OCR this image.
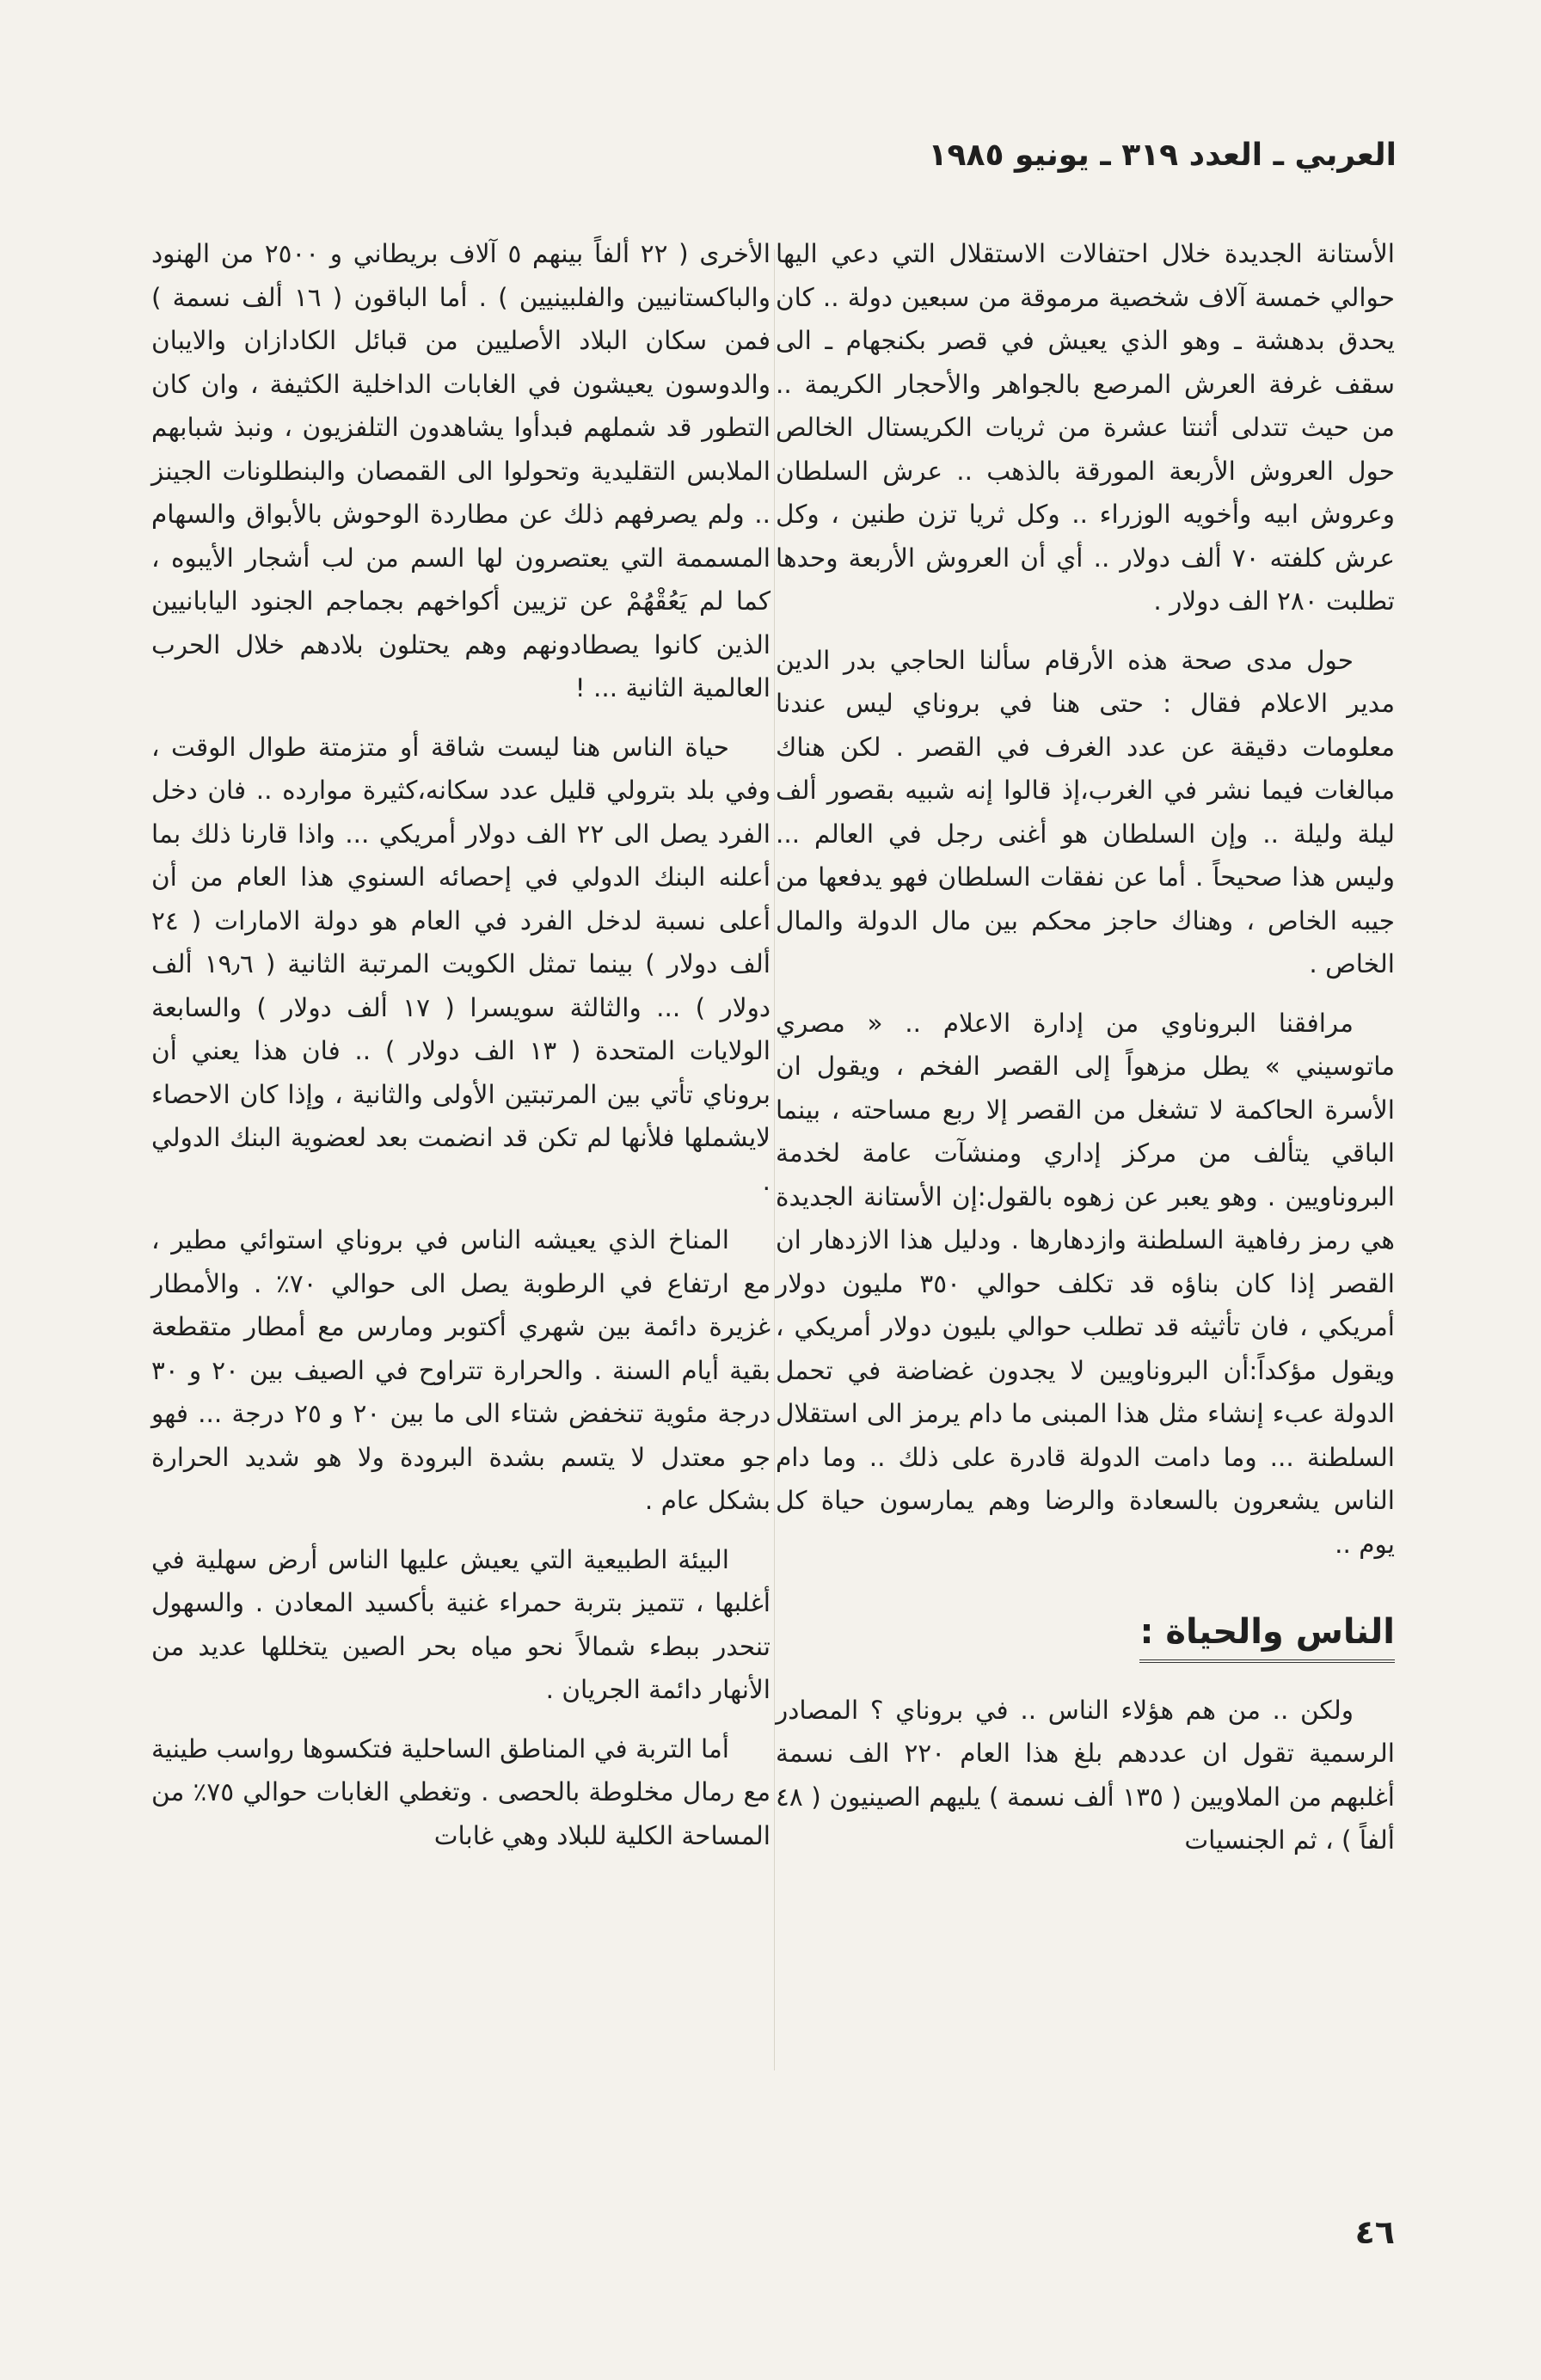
العربي ـ العدد ٣١٩ ـ يونيو ١٩٨٥

الأستانة الجديدة خلال احتفالات الاستقلال التي دعي اليها حوالي خمسة آلاف شخصية مرموقة من سبعين دولة .. كان يحدق بدهشة ـ وهو الذي يعيش في قصر بكنجهام ـ الى سقف غرفة العرش المرصع بالجواهر والأحجار الكريمة .. من حيث تتدلى أثنتا عشرة من ثريات الكريستال الخالص حول العروش الأربعة المورقة بالذهب .. عرش السلطان وعروش ابيه وأخويه الوزراء .. وكل ثريا تزن طنين ، وكل عرش كلفته ٧٠ ألف دولار .. أي أن العروش الأربعة وحدها تطلبت ٢٨٠ الف دولار .

حول مدى صحة هذه الأرقام سألنا الحاجي بدر الدين مدير الاعلام فقال : حتى هنا في بروناي ليس عندنا معلومات دقيقة عن عدد الغرف في القصر . لكن هناك مبالغات فيما نشر في الغرب،إذ قالوا إنه شبيه بقصور ألف ليلة وليلة .. وإن السلطان هو أغنى رجل في العالم ... وليس هذا صحيحاً . أما عن نفقات السلطان فهو يدفعها من جيبه الخاص ، وهناك حاجز محكم بين مال الدولة والمال الخاص .

مرافقنا البروناوي من إدارة الاعلام .. « مصري ماتوسيني » يطل مزهواً إلى القصر الفخم ، ويقول ان الأسرة الحاكمة لا تشغل من القصر إلا ربع مساحته ، بينما الباقي يتألف من مركز إداري ومنشآت عامة لخدمة البروناويين . وهو يعبر عن زهوه بالقول:إن الأستانة الجديدة هي رمز رفاهية السلطنة وازدهارها . ودليل هذا الازدهار ان القصر إذا كان بناؤه قد تكلف حوالي ٣٥٠ مليون دولار أمريكي ، فان تأثيثه قد تطلب حوالي بليون دولار أمريكي ، ويقول مؤكداً:أن البروناويين لا يجدون غضاضة في تحمل الدولة عبء إنشاء مثل هذا المبنى ما دام يرمز الى استقلال السلطنة ... وما دامت الدولة قادرة على ذلك .. وما دام الناس يشعرون بالسعادة والرضا وهم يمارسون حياة كل يوم ..

الناس والحياة :

ولكن .. من هم هؤلاء الناس .. في بروناي ؟ المصادر الرسمية تقول ان عددهم بلغ هذا العام ٢٢٠ الف نسمة أغلبهم من الملاويين ( ١٣٥ ألف نسمة ) يليهم الصينيون ( ٤٨ ألفاً ) ، ثم الجنسيات

الأخرى ( ٢٢ ألفاً بينهم ٥ آلاف بريطاني و ٢٥٠٠ من الهنود والباكستانيين والفلبينيين ) . أما الباقون ( ١٦ ألف نسمة ) فمن سكان البلاد الأصليين من قبائل الكادازان والايبان والدوسون يعيشون في الغابات الداخلية الكثيفة ، وان كان التطور قد شملهم فبدأوا يشاهدون التلفزيون ، ونبذ شبابهم الملابس التقليدية وتحولوا الى القمصان والبنطلونات الجينز .. ولم يصرفهم ذلك عن مطاردة الوحوش بالأبواق والسهام المسممة التي يعتصرون لها السم من لب أشجار الأيبوه ، كما لم يَعُقْهُمْ عن تزيين أكواخهم بجماجم الجنود اليابانيين الذين كانوا يصطادونهم وهم يحتلون بلادهم خلال الحرب العالمية الثانية ... !

حياة الناس هنا ليست شاقة أو متزمتة طوال الوقت ، وفي بلد بترولي قليل عدد سكانه،كثيرة موارده .. فان دخل الفرد يصل الى ٢٢ الف دولار أمريكي ... واذا قارنا ذلك بما أعلنه البنك الدولي في إحصائه السنوي هذا العام من أن أعلى نسبة لدخل الفرد في العام هو دولة الامارات ( ٢٤ ألف دولار ) بينما تمثل الكويت المرتبة الثانية ( ١٩٫٦ ألف دولار ) ... والثالثة سويسرا ( ١٧ ألف دولار ) والسابعة الولايات المتحدة ( ١٣ الف دولار ) .. فان هذا يعني أن بروناي تأتي بين المرتبتين الأولى والثانية ، وإذا كان الاحصاء لايشملها فلأنها لم تكن قد انضمت بعد لعضوية البنك الدولي .

المناخ الذي يعيشه الناس في بروناي استوائي مطير ، مع ارتفاع في الرطوبة يصل الى حوالي ٧٠٪ . والأمطار غزيرة دائمة بين شهري أكتوبر ومارس مع أمطار متقطعة بقية أيام السنة . والحرارة تتراوح في الصيف بين ٢٠ و ٣٠ درجة مئوية تنخفض شتاء الى ما بين ٢٠ و ٢٥ درجة ... فهو جو معتدل لا يتسم بشدة البرودة ولا هو شديد الحرارة بشكل عام .

البيئة الطبيعية التي يعيش عليها الناس أرض سهلية في أغلبها ، تتميز بتربة حمراء غنية بأكسيد المعادن . والسهول تنحدر ببطء شمالاً نحو مياه بحر الصين يتخللها عديد من الأنهار دائمة الجريان .

أما التربة في المناطق الساحلية فتكسوها رواسب طينية مع رمال مخلوطة بالحصى . وتغطي الغابات حوالي ٧٥٪ من المساحة الكلية للبلاد وهي غابات

٤٦
